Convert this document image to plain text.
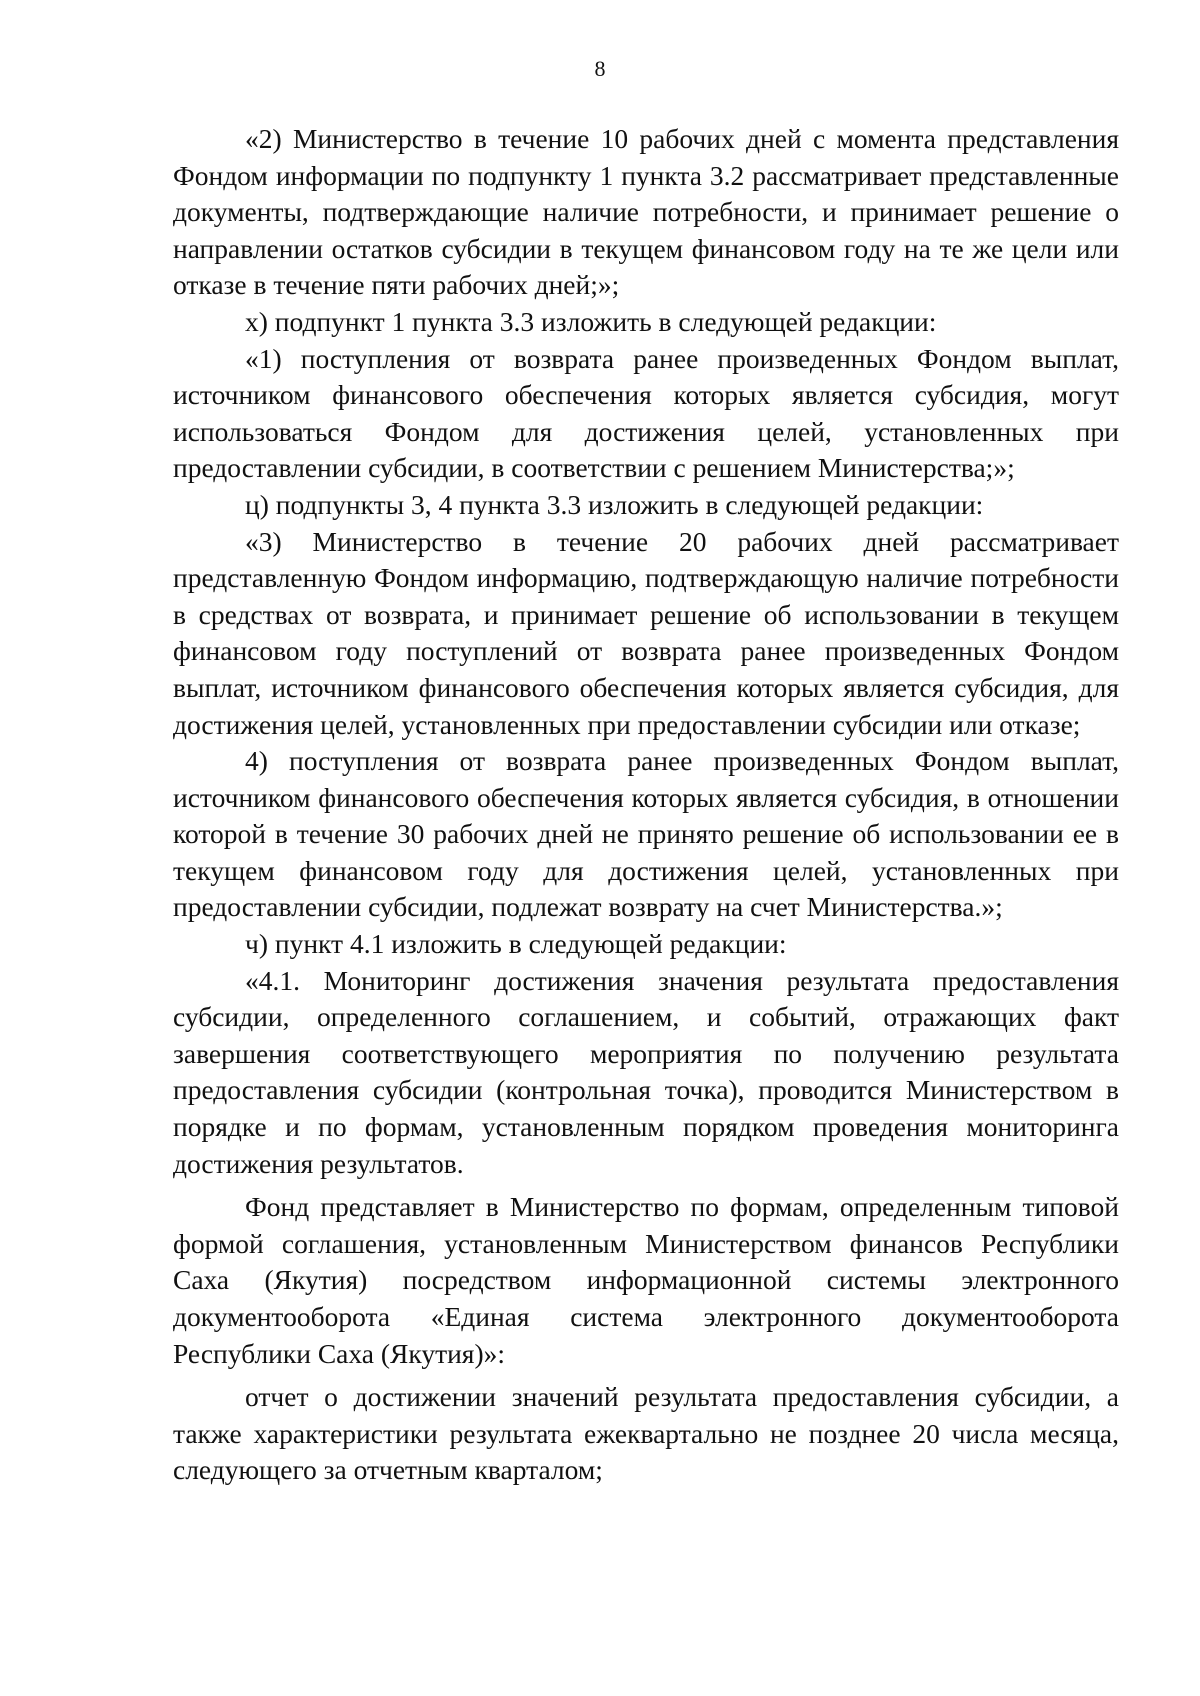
8

«2) Министерство в течение 10 рабочих дней с момента представления Фондом информации по подпункту 1 пункта 3.2 рассматривает представленные документы, подтверждающие наличие потребности, и принимает решение о направлении остатков субсидии в текущем финансовом году на те же цели или отказе в течение пяти рабочих дней;»;

х) подпункт 1 пункта 3.3 изложить в следующей редакции:

«1) поступления от возврата ранее произведенных Фондом выплат, источником финансового обеспечения которых является субсидия, могут использоваться Фондом для достижения целей, установленных при предоставлении субсидии, в соответствии с решением Министерства;»;

ц) подпункты 3, 4 пункта 3.3 изложить в следующей редакции:

«3) Министерство в течение 20 рабочих дней рассматривает представленную Фондом информацию, подтверждающую наличие потребности в средствах от возврата, и принимает решение об использовании в текущем финансовом году поступлений от возврата ранее произведенных Фондом выплат, источником финансового обеспечения которых является субсидия, для достижения целей, установленных при предоставлении субсидии или отказе;

4) поступления от возврата ранее произведенных Фондом выплат, источником финансового обеспечения которых является субсидия, в отношении которой в течение 30 рабочих дней не принято решение об использовании ее в текущем финансовом году для достижения целей, установленных при предоставлении субсидии, подлежат возврату на счет Министерства.»;

ч) пункт 4.1 изложить в следующей редакции:

«4.1. Мониторинг достижения значения результата предоставления субсидии, определенного соглашением, и событий, отражающих факт завершения соответствующего мероприятия по получению результата предоставления субсидии (контрольная точка), проводится Министерством в порядке и по формам, установленным порядком проведения мониторинга достижения результатов.

Фонд представляет в Министерство по формам, определенным типовой формой соглашения, установленным Министерством финансов Республики Саха (Якутия) посредством информационной системы электронного документооборота «Единая система электронного документооборота Республики Саха (Якутия)»:

отчет о достижении значений результата предоставления субсидии, а также характеристики результата ежеквартально не позднее 20 числа месяца, следующего за отчетным кварталом;
